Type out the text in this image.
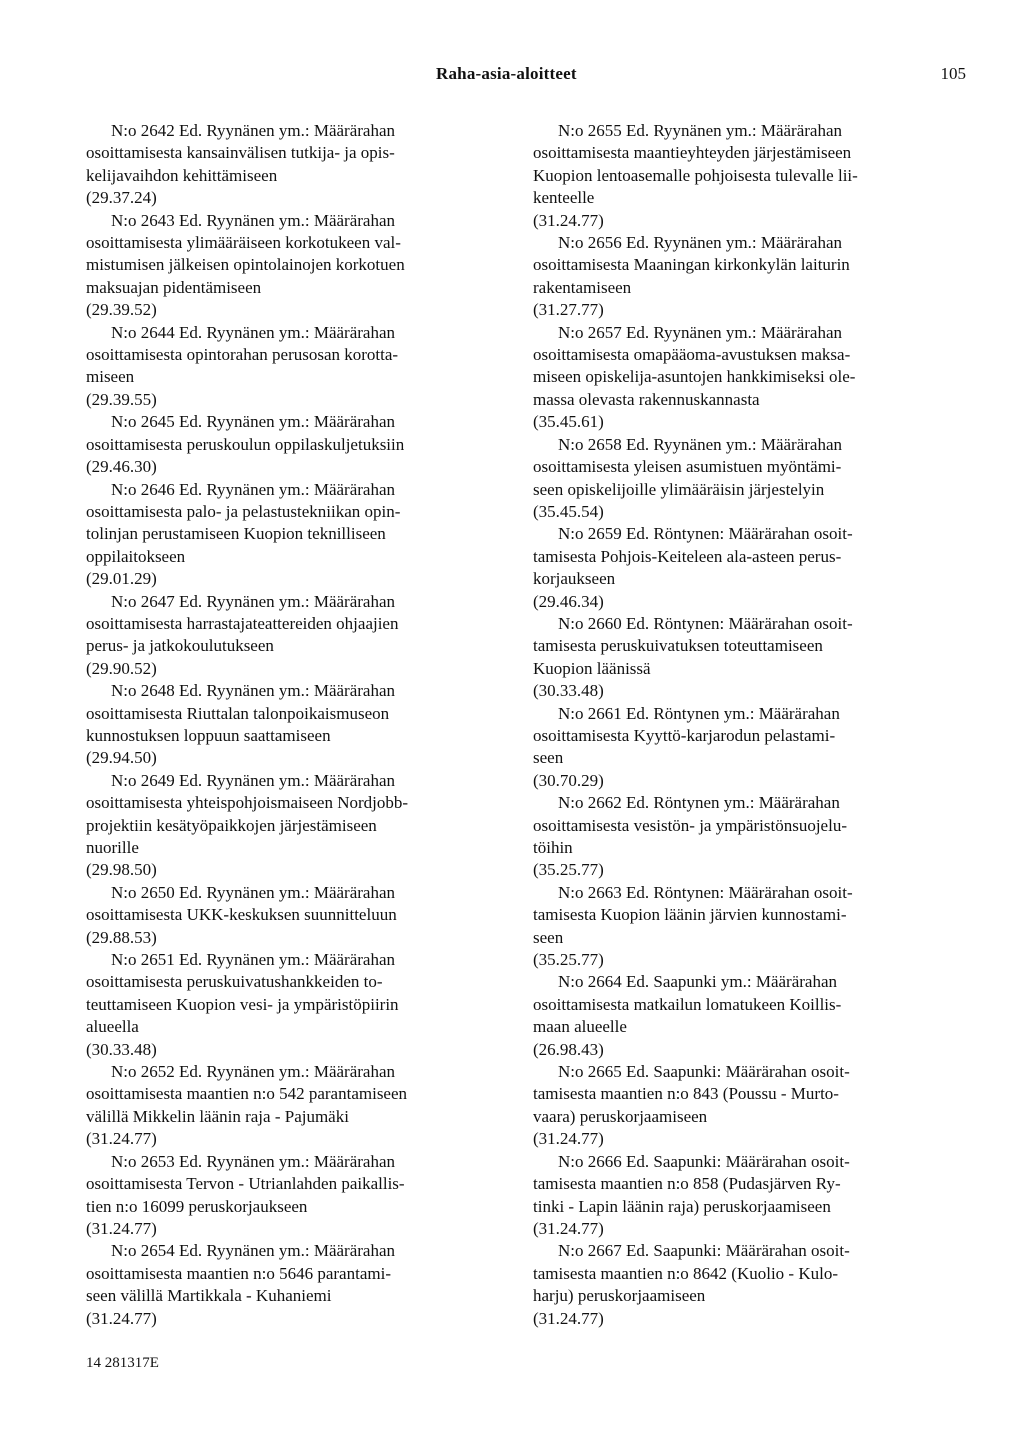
Raha-asia-aloitteet	105

N:o 2642 Ed. Ryynänen ym.: Määrärahan
osoittamisesta kansainvälisen tutkija- ja opis-
kelijavaihdon kehittämiseen

(29.37.24)

N:o 2643 Ed. Ryynänen ym.: Määrärahan
osoittamisesta ylimääräiseen korkotukeen val-
mistumisen jälkeisen opintolainojen korkotuen
maksuajan pidentämiseen

(29.39.52)

N:o 2644 Ed. Ryynänen ym.: Määrärahan
osoittamisesta opintorahan perusosan korotta-
miseen

(29.39.55)

N:o 2645 Ed. Ryynänen ym.: Määrärahan
osoittamisesta peruskoulun oppilaskuljetuksiin

(29.46.30)

N:o 2646 Ed. Ryynänen ym.: Määrärahan
osoittamisesta palo- ja pelastustekniikan opin-
tolinjan perustamiseen Kuopion teknilliseen
oppilaitokseen

(29.01.29)

N:o 2647 Ed. Ryynänen ym.: Määrärahan
osoittamisesta harrastajateattereiden ohjaajien
perus- ja jatkokoulutukseen

(29.90.52)

N:o 2648 Ed. Ryynänen ym.: Määrärahan
osoittamisesta Riuttalan talonpoikaismuseon
kunnostuksen loppuun saattamiseen

(29.94.50)

N:o 2649 Ed. Ryynänen ym.: Määrärahan
osoittamisesta yhteispohjoismaiseen Nordjobb-
projektiin kesätyöpaikkojen järjestämiseen
nuorille

(29.98.50)

N:o 2650 Ed. Ryynänen ym.: Määrärahan
osoittamisesta UKK-keskuksen suunnitteluun

(29.88.53)

N:o 2651 Ed. Ryynänen ym.: Määrärahan
osoittamisesta peruskuivatushankkeiden to-
teuttamiseen Kuopion vesi- ja ympäristöpiirin
alueella

(30.33.48)

N:o 2652 Ed. Ryynänen ym.: Määrärahan
osoittamisesta maantien n:o 542 parantamiseen
välillä Mikkelin läänin raja - Pajumäki

(31.24.77)

N:o 2653 Ed. Ryynänen ym.: Määrärahan
osoittamisesta Tervon - Utrianlahden paikallis-
tien n:o 16099 peruskorjaukseen

(31.24.77)

N:o 2654 Ed. Ryynänen ym.: Määrärahan
osoittamisesta maantien n:o 5646 parantami-
seen välillä Martikkala - Kuhaniemi

(31.24.77)

N:o 2655 Ed. Ryynänen ym.: Määrärahan
osoittamisesta maantieyhteyden järjestämiseen
Kuopion lentoasemalle pohjoisesta tulevalle lii-
kenteelle

(31.24.77)

N:o 2656 Ed. Ryynänen ym.: Määrärahan
osoittamisesta Maaningan kirkonkylän laiturin
rakentamiseen

(31.27.77)

N:o 2657 Ed. Ryynänen ym.: Määrärahan
osoittamisesta omapääoma-avustuksen maksa-
miseen opiskelija-asuntojen hankkimiseksi ole-
massa olevasta rakennuskannasta

(35.45.61)

N:o 2658 Ed. Ryynänen ym.: Määrärahan
osoittamisesta yleisen asumistuen myöntämi-
seen opiskelijoille ylimääräisin järjestelyin

(35.45.54)

N:o 2659 Ed. Röntynen: Määrärahan osoit-
tamisesta Pohjois-Keiteleen ala-asteen perus-
korjaukseen

(29.46.34)

N:o 2660 Ed. Röntynen: Määrärahan osoit-
tamisesta peruskuivatuksen toteuttamiseen
Kuopion läänissä

(30.33.48)

N:o 2661 Ed. Röntynen ym.: Määrärahan
osoittamisesta Kyyttö-karjarodun pelastami-
seen

(30.70.29)

N:o 2662 Ed. Röntynen ym.: Määrärahan
osoittamisesta vesistön- ja ympäristönsuojelu-
töihin

(35.25.77)

N:o 2663 Ed. Röntynen: Määrärahan osoit-
tamisesta Kuopion läänin järvien kunnostami-
seen

(35.25.77)

N:o 2664 Ed. Saapunki ym.: Määrärahan
osoittamisesta matkailun lomatukeen Koillis-
maan alueelle

(26.98.43)

N:o 2665 Ed. Saapunki: Määrärahan osoit-
tamisesta maantien n:o 843 (Poussu - Murto-
vaara) peruskorjaamiseen

(31.24.77)

N:o 2666 Ed. Saapunki: Määrärahan osoit-
tamisesta maantien n:o 858 (Pudasjärven Ry-
tinki - Lapin läänin raja) peruskorjaamiseen

(31.24.77)

N:o 2667 Ed. Saapunki: Määrärahan osoit-
tamisesta maantien n:o 8642 (Kuolio - Kulo-
harju) peruskorjaamiseen

(31.24.77)

14 281317E
